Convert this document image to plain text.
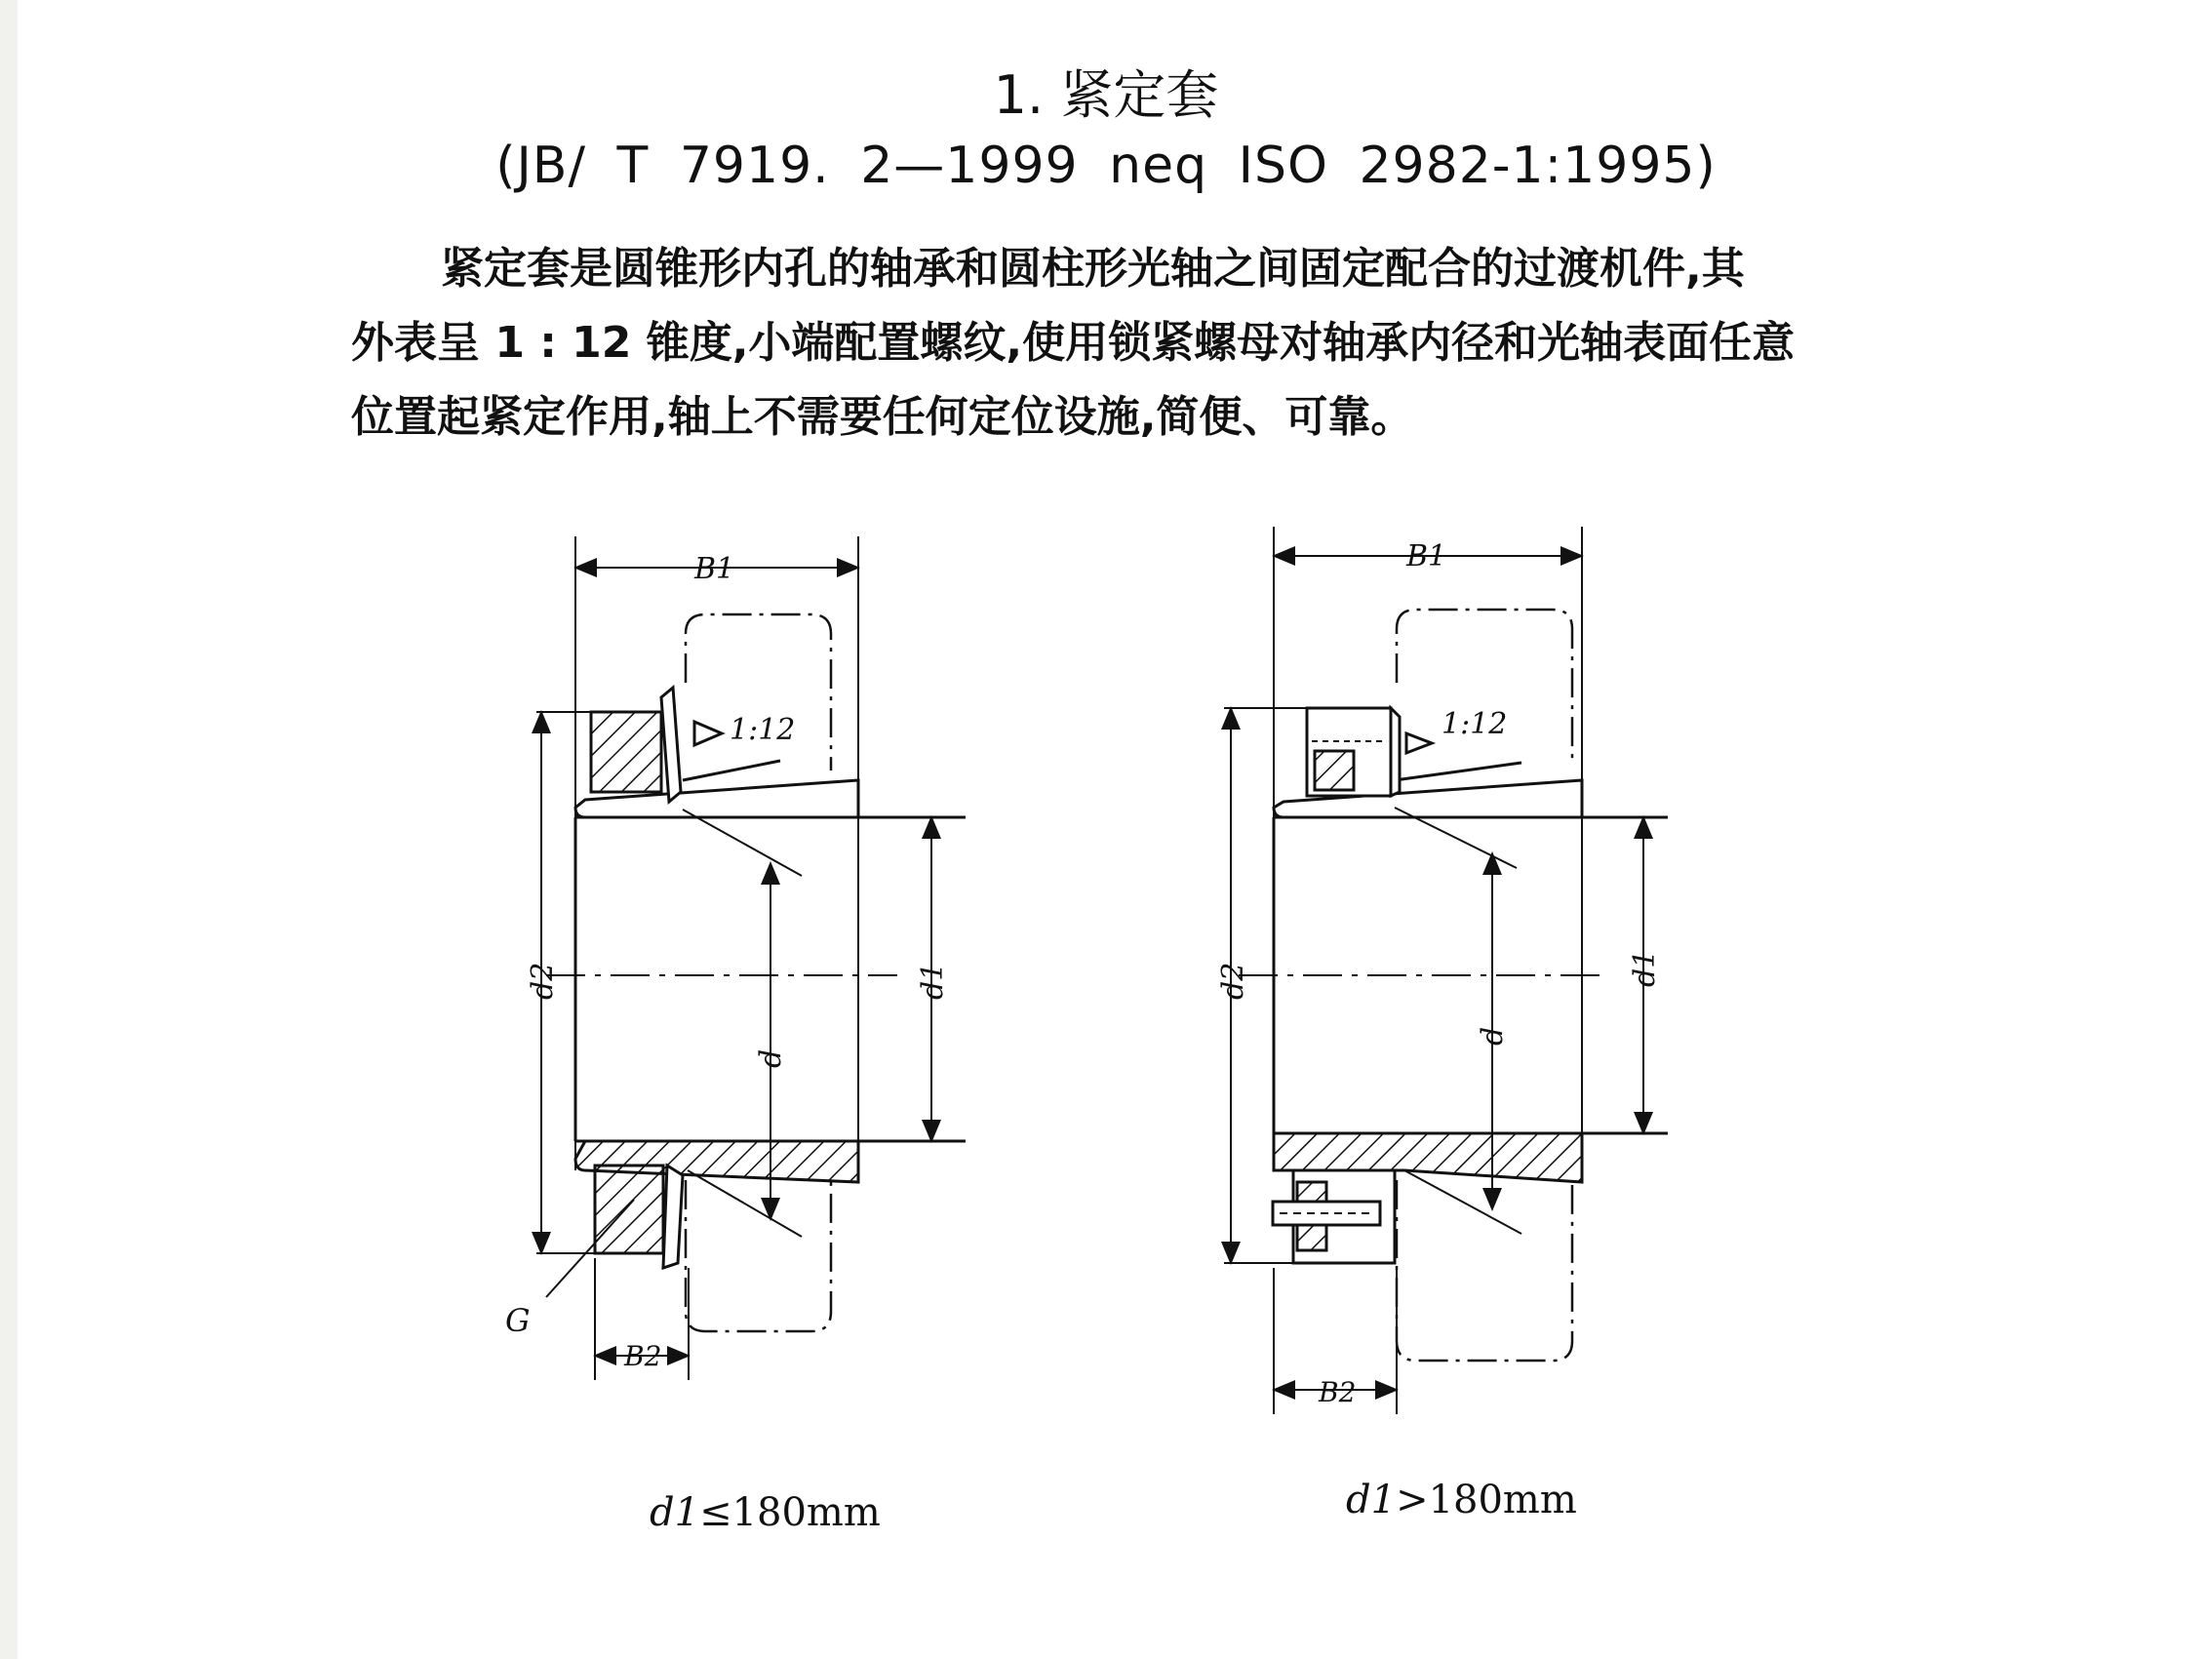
1. 紧定套
(JB/ T 7919. 2—1999 neq ISO 2982-1:1995)
紧定套是圆锥形内孔的轴承和圆柱形光轴之间固定配合的过渡机件,其
外表呈 1 : 12 锥度,小端配置螺纹,使用锁紧螺母对轴承内径和光轴表面任意
位置起紧定作用,轴上不需要任何定位设施,简便、可靠。
B1
1:12
d2
d
d1
G
B2
B1
1:12
d2
d
d1
B2
d1≤180mm	d1>180mm
